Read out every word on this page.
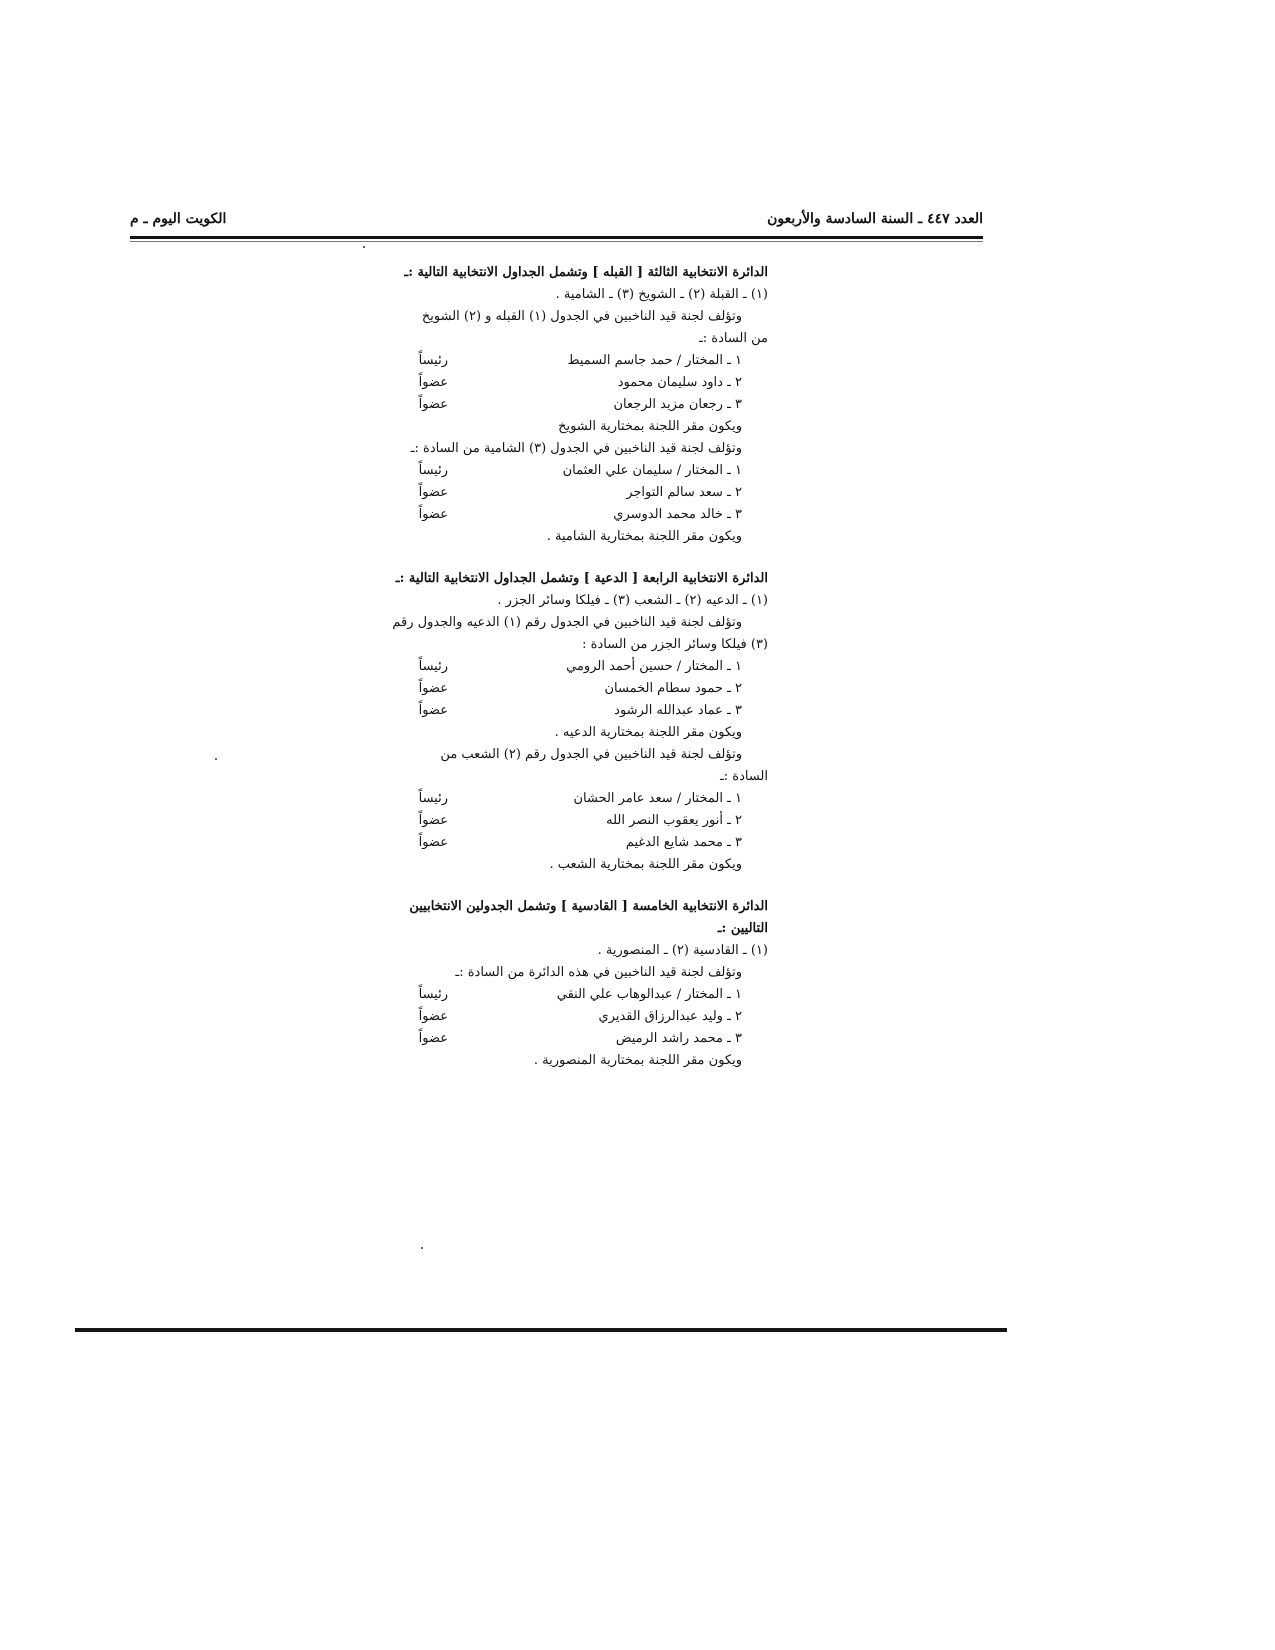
العدد ٤٤٧ ـ السنة السادسة والأربعون
الكويت اليوم ـ م
الدائرة الانتخابية الثالثة [ القبله ] وتشمل الجداول الانتخابية التالية :ـ
(١) ـ القبلة (٢) ـ الشويخ (٣) ـ الشامية .
وتؤلف لجنة قيد الناخبين في الجدول (١) القبله و (٢) الشويخ
من السادة :ـ
١ ـ المختار / حمد جاسم السميط
رئيساً
٢ ـ داود سليمان محمود
عضواً
٣ ـ رجعان مزيد الرجعان
عضواً
ويكون مقر اللجنة بمختارية الشويخ
وتؤلف لجنة قيد الناخبين في الجدول (٣) الشامية من السادة :ـ
١ ـ المختار / سليمان علي العثمان
رئيساً
٢ ـ سعد سالم التواجر
عضواً
٣ ـ خالد محمد الدوسري
عضواً
ويكون مقر اللجنة بمختارية الشامية .
الدائرة الانتخابية الرابعة [ الدعية ] وتشمل الجداول الانتخابية التالية :ـ
(١) ـ الدعيه (٢) ـ الشعب (٣) ـ فيلكا وسائر الجزر .
وتؤلف لجنة قيد الناخبين في الجدول رقم (١) الدعيه والجدول رقم
(٣) فيلكا وسائر الجزر من السادة :
١ ـ المختار / حسين أحمد الرومي
رئيساً
٢ ـ حمود سطام الخمسان
عضواً
٣ ـ عماد عبدالله الرشود
عضواً
ويكون مقر اللجنة بمختارية الدعيه .
وتؤلف لجنة قيد الناخبين في الجدول رقم (٢) الشعب من
السادة :ـ
١ ـ المختار / سعد عامر الحشان
رئيساً
٢ ـ أنور يعقوب النصر الله
عضواً
٣ ـ محمد شايع الدغيم
عضواً
ويكون مقر اللجنة بمختارية الشعب .
الدائرة الانتخابية الخامسة [ القادسية ] وتشمل الجدولين الانتخابيين
التاليين :ـ
(١) ـ القادسية (٢) ـ المنصورية .
وتؤلف لجنة قيد الناخبين في هذه الدائرة من السادة :ـ
١ ـ المختار / عبدالوهاب علي النقي
رئيساً
٢ ـ وليد عبدالرزاق القديري
عضواً
٣ ـ محمد راشد الرميض
عضواً
ويكون مقر اللجنة بمختارية المنصورية .
